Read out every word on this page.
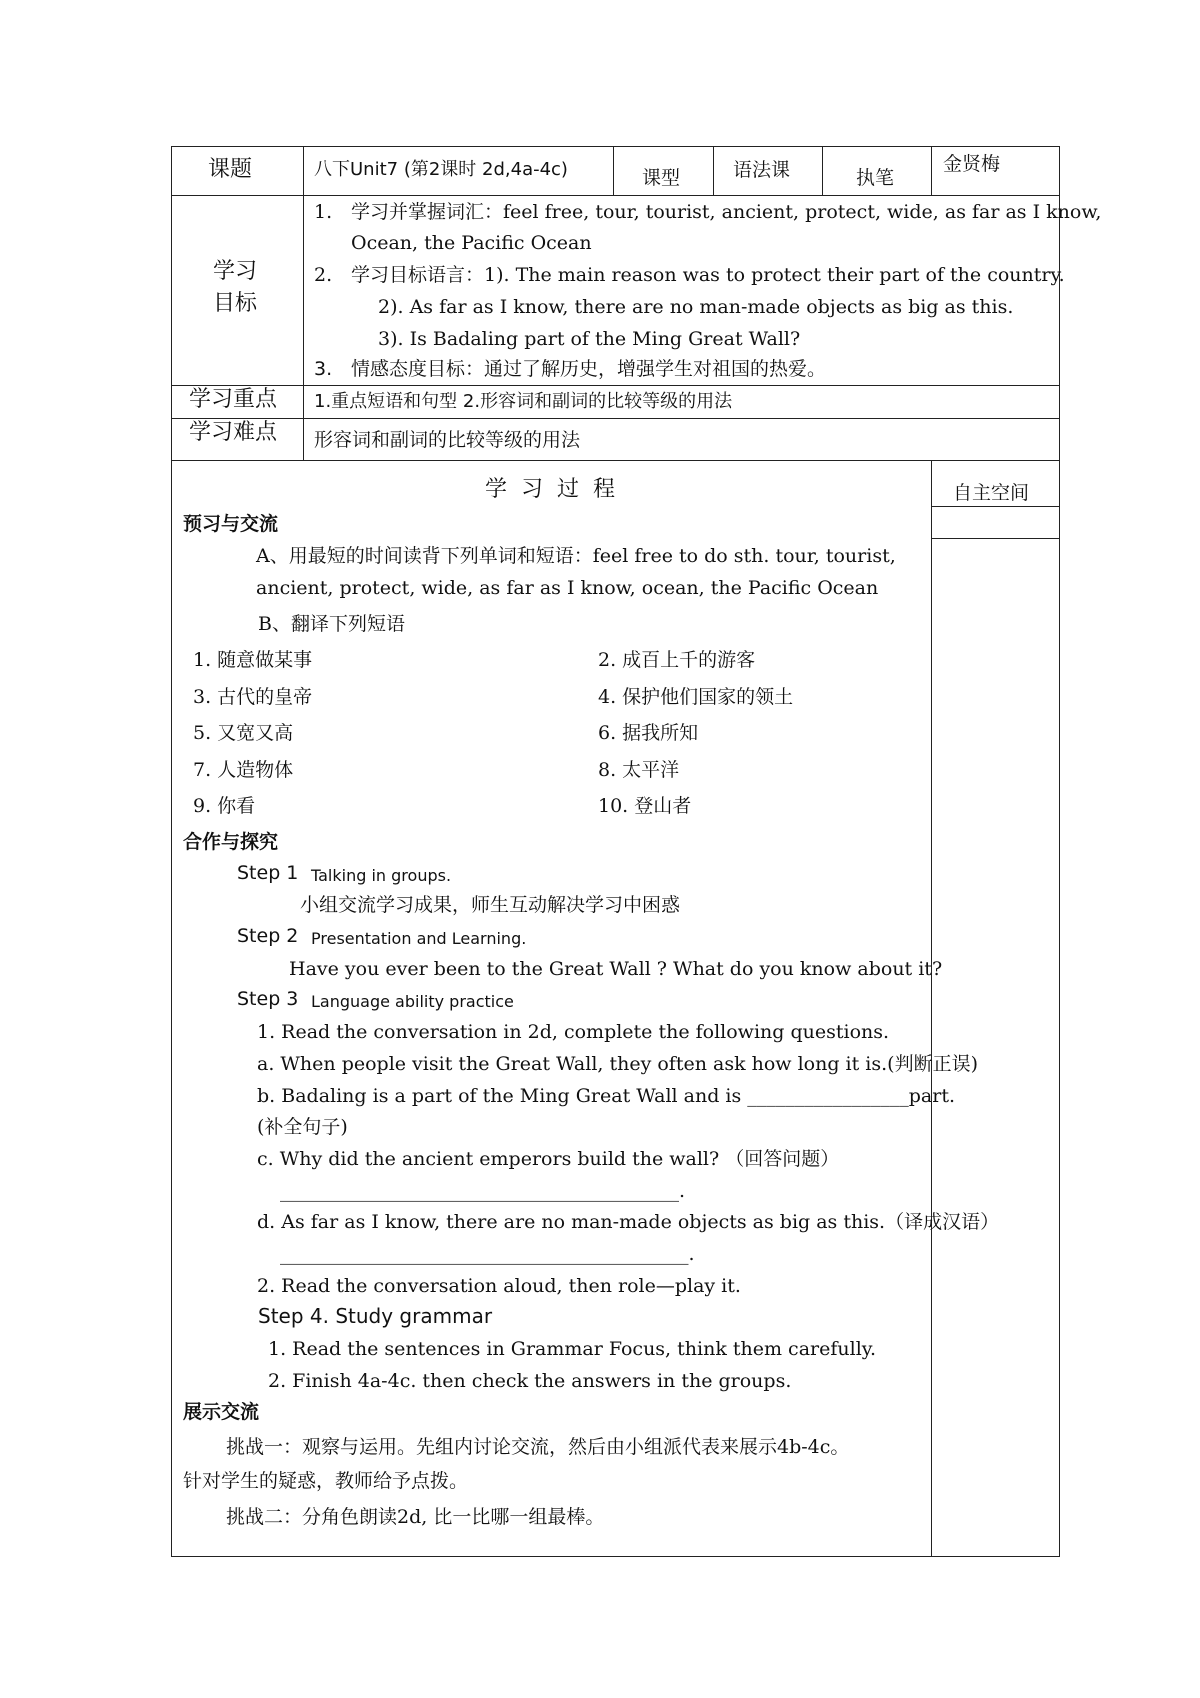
课题	八下Unit7 (第2课时 2d,4a-4c)	课型	语法课	执笔
金贤梅
学习
目标
1. 学习并掌握词汇：feel free, tour, tourist, ancient, protect, wide, as far as I know,
Ocean, the Pacific Ocean
2. 学习目标语言：1). The main reason was to protect their part of the country.
2). As far as I know, there are no man-made objects as big as this.
3). Is Badaling part of the Ming Great Wall?
3. 情感态度目标：通过了解历史，增强学生对祖国的热爱。
学习重点 1.重点短语和句型 2.形容词和副词的比较等级的用法
学习难点 形容词和副词的比较等级的用法
学习过程	自主空间
预习与交流
A、用最短的时间读背下列单词和短语：feel free to do sth. tour, tourist,
ancient, protect, wide, as far as I know, ocean, the Pacific Ocean
B、翻译下列短语
1. 随意做某事	2. 成百上千的游客
3. 古代的皇帝	4. 保护他们国家的领土
5. 又宽又高	6. 据我所知
7. 人造物体	8. 太平洋
9. 你看	10. 登山者
合作与探究
Step 1 Talking in groups.
小组交流学习成果，师生互动解决学习中困惑
Step 2 Presentation and Learning.
Have you ever been to the Great Wall ? What do you know about it?
Step 3 Language ability practice
1. Read the conversation in 2d, complete the following questions.
a. When people visit the Great Wall, they often ask how long it is.(判断正误)
b. Badaling is a part of the Ming Great Wall and is _________________part.
(补全句子)
c. Why did the ancient emperors build the wall? （回答问题）
__________________________________________.
d. As far as I know, there are no man-made objects as big as this.（译成汉语）
___________________________________________.
2. Read the conversation aloud, then role—play it.
Step 4. Study grammar
1. Read the sentences in Grammar Focus, think them carefully.
2. Finish 4a-4c. then check the answers in the groups.
展示交流
挑战一：观察与运用。先组内讨论交流，然后由小组派代表来展示4b-4c。
针对学生的疑惑，教师给予点拨。
挑战二：分角色朗读2d, 比一比哪一组最棒。
